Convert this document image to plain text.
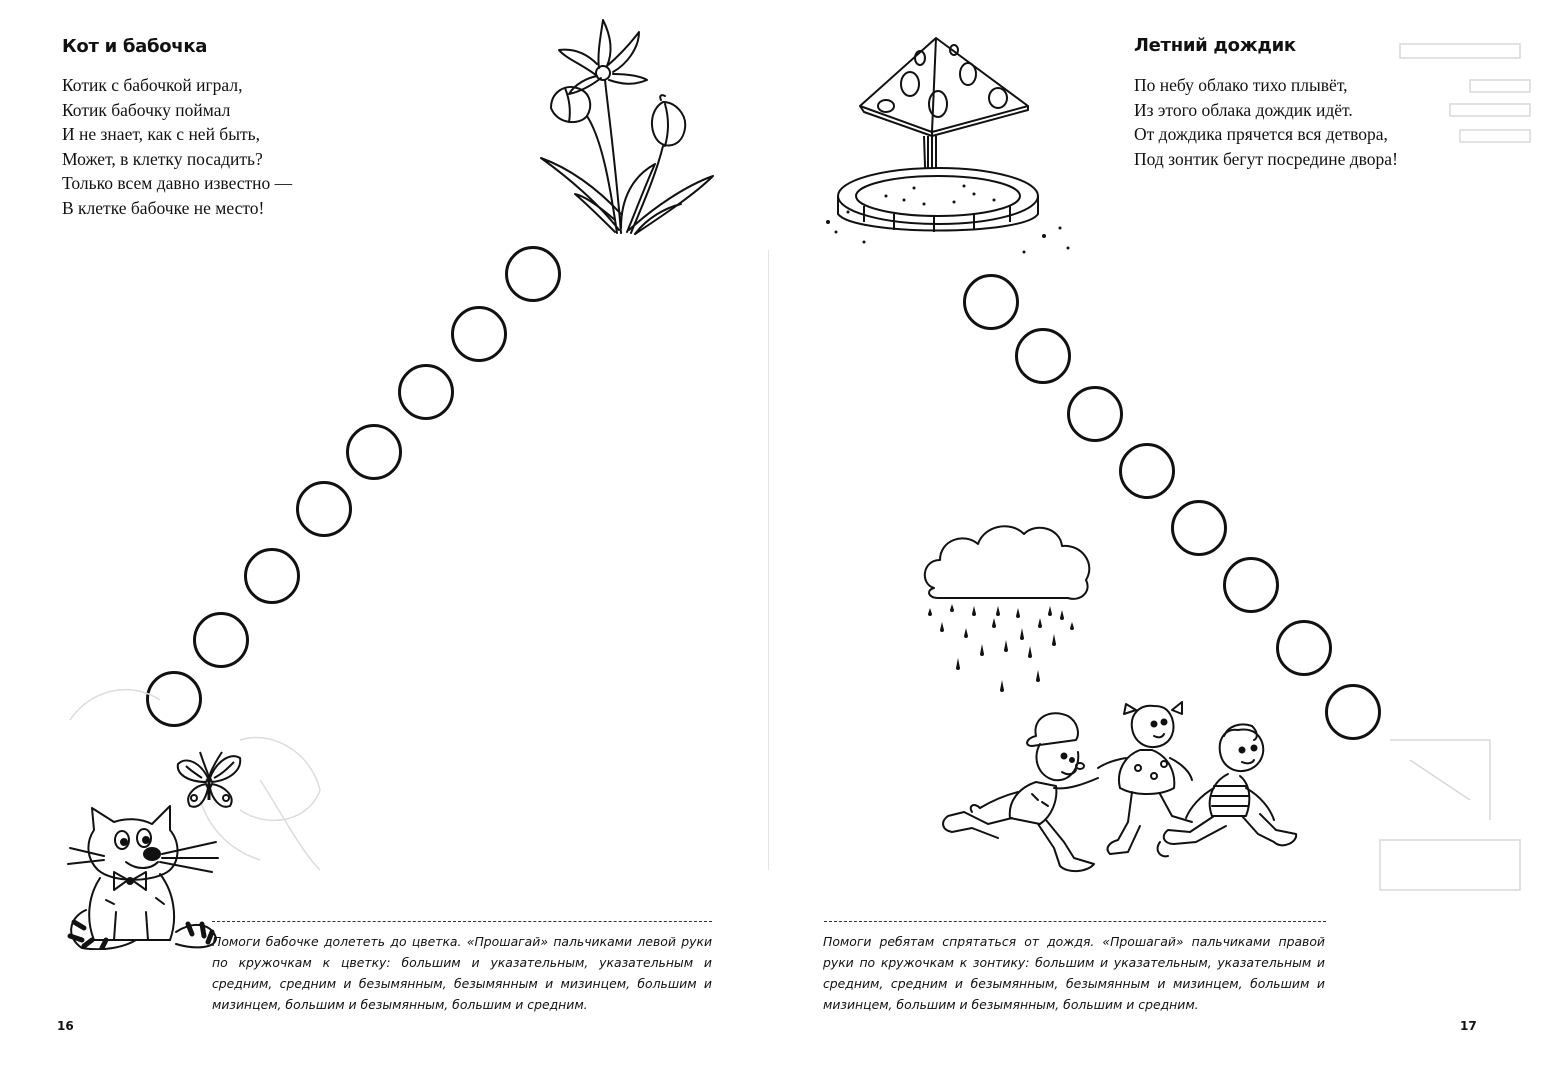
Кот и бабочка
Котик с бабочкой играл,
Котик бабочку поймал
И не знает, как с ней быть,
Может, в клетку посадить?
Только всем давно известно —
В клетке бабочке не место!

Помоги бабочке долететь до цветка. «Прошагай» пальчиками левой руки по кружочкам к цветку: большим и указательным, указательным и средним, средним и безымянным, безымянным и мизинцем, большим и мизинцем, большим и безымянным, большим и средним.

16
Летний дождик
По небу облако тихо плывёт,
Из этого облака дождик идёт.
От дождика прячется вся детвора,
Под зонтик бегут посредине двора!

Помоги ребятам спрятаться от дождя. «Прошагай» пальчиками правой руки по кружочкам к зонтику: большим и указательным, указательным и средним, средним и безымянным, безымянным и мизинцем, большим и мизинцем, большим и безымянным, большим и средним.

17
